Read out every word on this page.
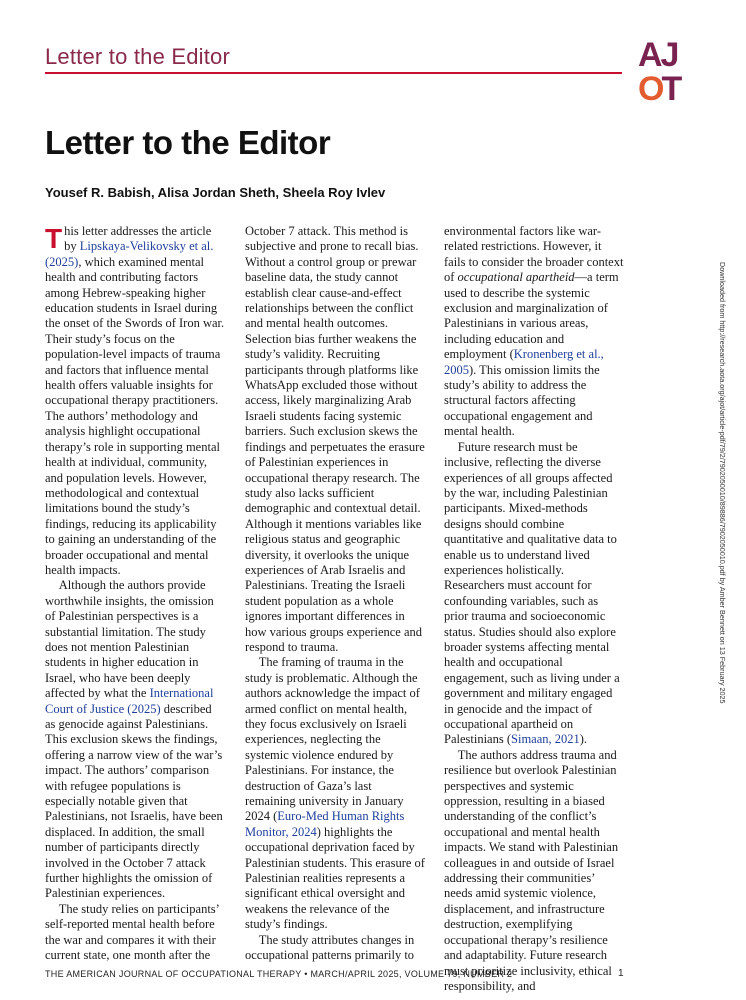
Letter to the Editor	AJ
OT
Letter to the Editor
Yousef R. Babish, Alisa Jordan Sheth, Sheela Roy Ivlev

This letter addresses the article by Lipskaya-Velikovsky et al. (2025), which examined mental health and contributing factors among Hebrew-speaking higher education students in Israel during the onset of the Swords of Iron war. Their study’s focus on the population-level impacts of trauma and factors that influence mental health offers valuable insights for occupational therapy practitioners. The authors’ methodology and analysis highlight occupational therapy’s role in supporting mental health at individual, community, and population levels. However, methodological and contextual limitations bound the study’s findings, reducing its applicability to gaining an understanding of the broader occupational and mental health impacts.

Although the authors provide worthwhile insights, the omission of Palestinian perspectives is a substantial limitation. The study does not mention Palestinian students in higher education in Israel, who have been deeply affected by what the International Court of Justice (2025) described as genocide against Palestinians. This exclusion skews the findings, offering a narrow view of the war’s impact. The authors’ comparison with refugee populations is especially notable given that Palestinians, not Israelis, have been displaced. In addition, the small number of participants directly involved in the October 7 attack further highlights the omission of Palestinian experiences.

The study relies on participants’ self-reported mental health before the war and compares it with their current state, one month after the

October 7 attack. This method is subjective and prone to recall bias. Without a control group or prewar baseline data, the study cannot establish clear cause-and-effect relationships between the conflict and mental health outcomes. Selection bias further weakens the study’s validity. Recruiting participants through platforms like WhatsApp excluded those without access, likely marginalizing Arab Israeli students facing systemic barriers. Such exclusion skews the findings and perpetuates the erasure of Palestinian experiences in occupational therapy research. The study also lacks sufficient demographic and contextual detail. Although it mentions variables like religious status and geographic diversity, it overlooks the unique experiences of Arab Israelis and Palestinians. Treating the Israeli student population as a whole ignores important differences in how various groups experience and respond to trauma.

The framing of trauma in the study is problematic. Although the authors acknowledge the impact of armed conflict on mental health, they focus exclusively on Israeli experiences, neglecting the systemic violence endured by Palestinians. For instance, the destruction of Gaza’s last remaining university in January 2024 (Euro-Med Human Rights Monitor, 2024) highlights the occupational deprivation faced by Palestinian students. This erasure of Palestinian realities represents a significant ethical oversight and weakens the relevance of the study’s findings.

The study attributes changes in occupational patterns primarily to

environmental factors like war-related restrictions. However, it fails to consider the broader context of occupational apartheid—a term used to describe the systemic exclusion and marginalization of Palestinians in various areas, including education and employment (Kronenberg et al., 2005). This omission limits the study’s ability to address the structural factors affecting occupational engagement and mental health.

Future research must be inclusive, reflecting the diverse experiences of all groups affected by the war, including Palestinian participants. Mixed-methods designs should combine quantitative and qualitative data to enable us to understand lived experiences holistically. Researchers must account for confounding variables, such as prior trauma and socioeconomic status. Studies should also explore broader systems affecting mental health and occupational engagement, such as living under a government and military engaged in genocide and the impact of occupational apartheid on Palestinians (Simaan, 2021).

The authors address trauma and resilience but overlook Palestinian perspectives and systemic oppression, resulting in a biased understanding of the conflict’s occupational and mental health impacts. We stand with Palestinian colleagues in and outside of Israel addressing their communities’ needs amid systemic violence, displacement, and infrastructure destruction, exemplifying occupational therapy’s resilience and adaptability. Future research must prioritize inclusivity, ethical responsibility, and

Downloaded from http://research.aota.org/ajot/article-pdf/79/2/7902050010/89886/7902050010.pdf by Amber Bennett on 13 February 2025
THE AMERICAN JOURNAL OF OCCUPATIONAL THERAPY • MARCH/APRIL 2025, VOLUME 79, NUMBER 2	1
